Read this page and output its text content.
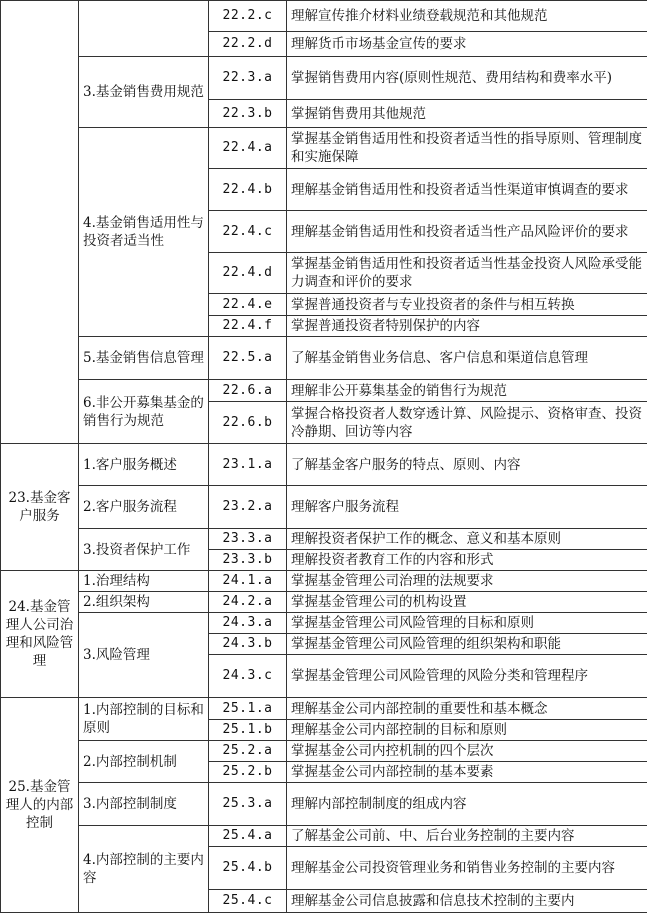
		22.2.c	理解宣传推介材料业绩登载规范和其他规范
		22.2.d	理解货币市场基金宣传的要求
	3.基金销售费用规范	22.3.a	掌握销售费用内容(原则性规范、费用结构和费率水平)
		22.3.b	掌握销售费用其他规范
	4.基金销售适用性与投资者适当性	22.4.a	掌握基金销售适用性和投资者适当性的指导原则、管理制度和实施保障
		22.4.b	理解基金销售适用性和投资者适当性渠道审慎调查的要求
		22.4.c	理解基金销售适用性和投资者适当性产品风险评价的要求
		22.4.d	掌握基金销售适用性和投资者适当性基金投资人风险承受能力调查和评价的要求
		22.4.e	掌握普通投资者与专业投资者的条件与相互转换
		22.4.f	掌握普通投资者特别保护的内容
	5.基金销售信息管理	22.5.a	了解基金销售业务信息、客户信息和渠道信息管理
	6.非公开募集基金的销售行为规范	22.6.a	理解非公开募集基金的销售行为规范
		22.6.b	掌握合格投资者人数穿透计算、风险提示、资格审查、投资冷静期、回访等内容
23.基金客户服务	1.客户服务概述	23.1.a	了解基金客户服务的特点、原则、内容
	2.客户服务流程	23.2.a	理解客户服务流程
	3.投资者保护工作	23.3.a	理解投资者保护工作的概念、意义和基本原则
		23.3.b	理解投资者教育工作的内容和形式
24.基金管理人公司治理和风险管理	1.治理结构	24.1.a	掌握基金管理公司治理的法规要求
	2.组织架构	24.2.a	掌握基金管理公司的机构设置
	3.风险管理	24.3.a	掌握基金管理公司风险管理的目标和原则
		24.3.b	掌握基金管理公司风险管理的组织架构和职能
		24.3.c	掌握基金管理公司风险管理的风险分类和管理程序
25.基金管理人的内部控制	1.内部控制的目标和原则	25.1.a	理解基金公司内部控制的重要性和基本概念
		25.1.b	理解基金公司内部控制的目标和原则
	2.内部控制机制	25.2.a	掌握基金公司内控机制的四个层次
		25.2.b	掌握基金公司内部控制的基本要素
	3.内部控制制度	25.3.a	理解内部控制制度的组成内容
	4.内部控制的主要内容	25.4.a	了解基金公司前、中、后台业务控制的主要内容
		25.4.b	理解基金公司投资管理业务和销售业务控制的主要内容
		25.4.c	理解基金公司信息披露和信息技术控制的主要内
